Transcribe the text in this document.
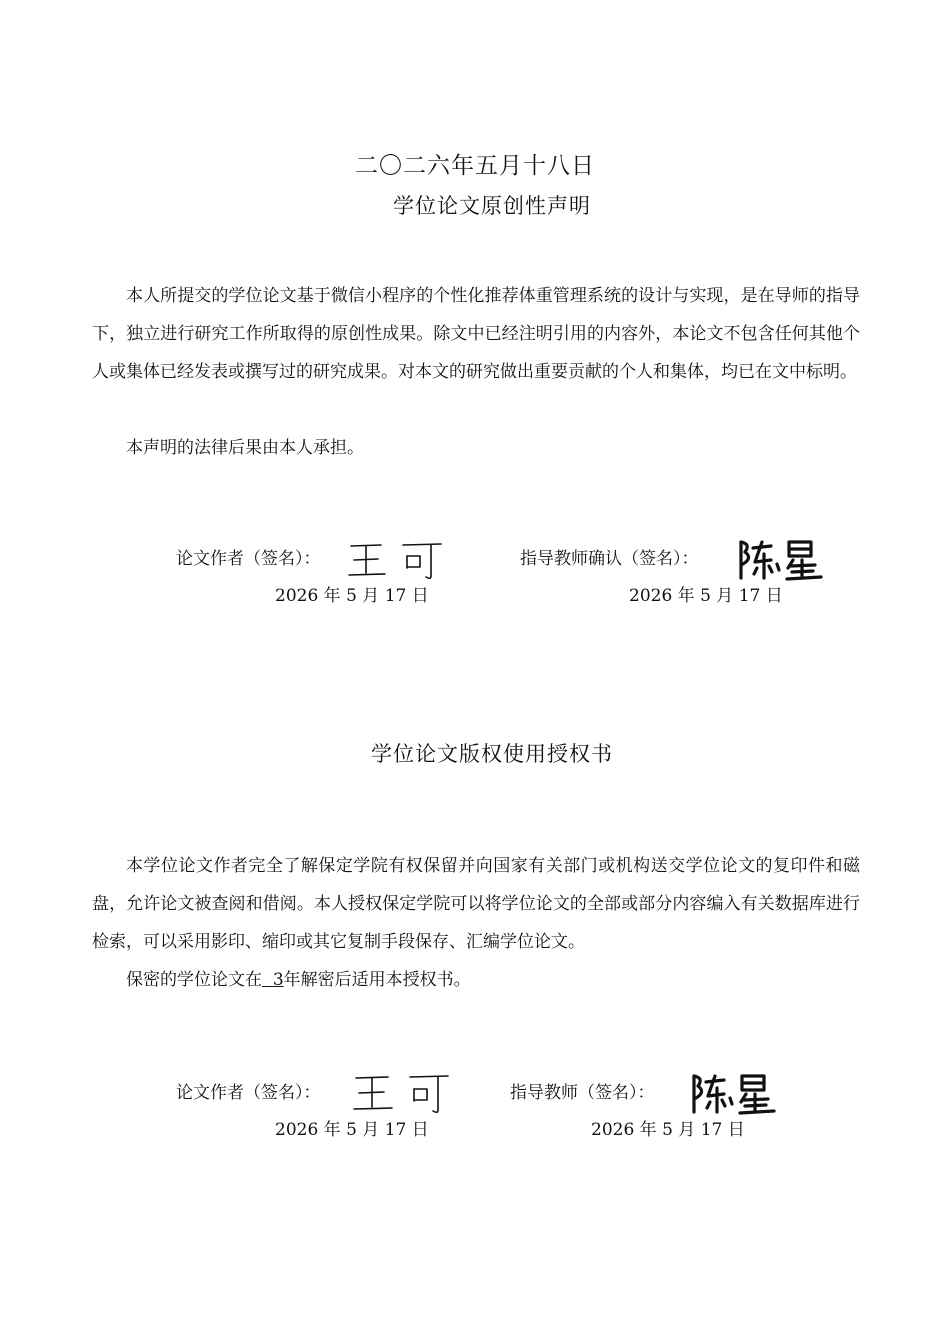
二〇二六年五月十八日
学位论文原创性声明
本人所提交的学位论文基于微信小程序的个性化推荐体重管理系统的设计与实现，是在导师的指导下，独立进行研究工作所取得的原创性成果。除文中已经注明引用的内容外，本论文不包含任何其他个人或集体已经发表或撰写过的研究成果。对本文的研究做出重要贡献的个人和集体，均已在文中标明。
本声明的法律后果由本人承担。
论文作者（签名）：	指导教师确认（签名）：
2026 年 5 月 17 日	2026 年 5 月 17 日
学位论文版权使用授权书
本学位论文作者完全了解保定学院有权保留并向国家有关部门或机构送交学位论文的复印件和磁盘，允许论文被查阅和借阅。本人授权保定学院可以将学位论文的全部或部分内容编入有关数据库进行检索，可以采用影印、缩印或其它复制手段保存、汇编学位论文。
保密的学位论文在 3年解密后适用本授权书。
论文作者（签名）：	指导教师（签名）：
2026 年 5 月 17 日	2026 年 5 月 17 日
